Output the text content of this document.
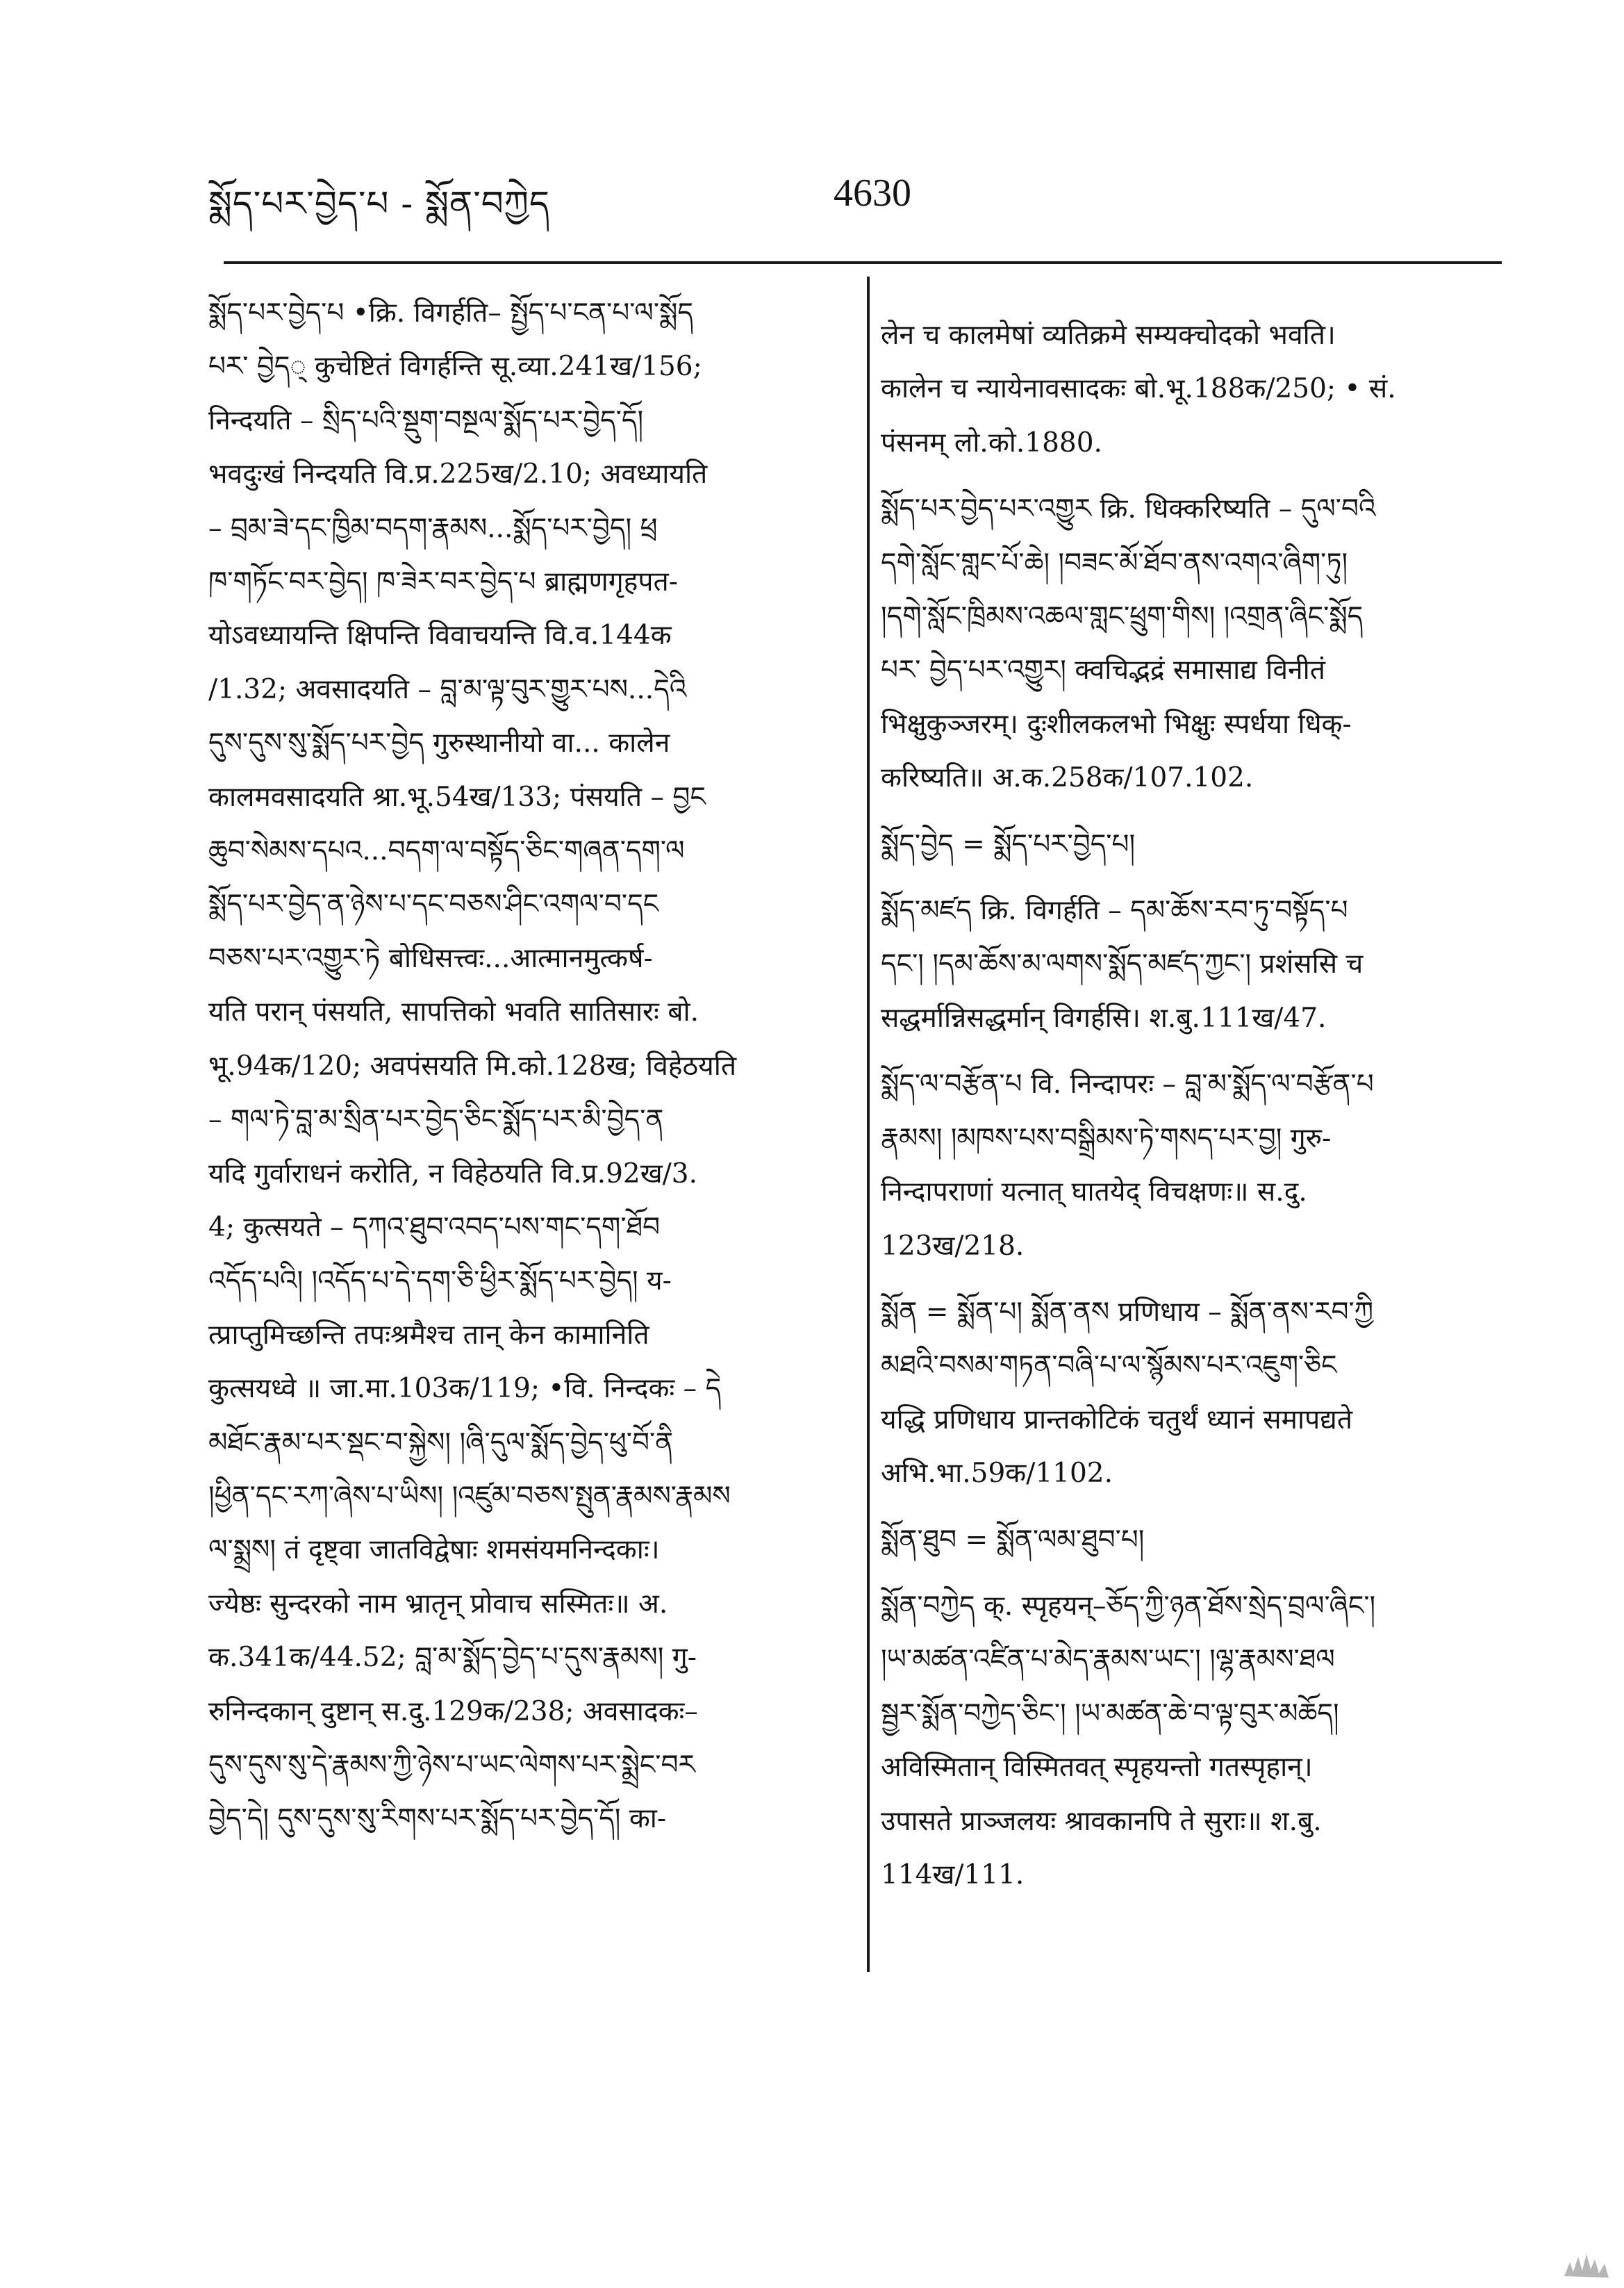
སྨོད་པར་བྱེད་པ - སྨོན་བཀྱེད	4630
སྨོད་པར་བྱེད་པ •क्रि. विगर्हति– སྤྱོད་པ་ངན་པ་ལ་སྨོད
པར་ བྱེད् कुचेष्टितं विगर्हन्ति सू.व्या.241ख/156;
निन्दयति – སྲིད་པའི་སྡུག་བསྔལ་སྨོད་པར་བྱེད་དོ།
भवदुःखं निन्दयति वि.प्र.225ख/2.10; अवध्यायति
– བྲམ་ཟེ་དང་ཁྱིམ་བདག་རྣམས...སྨོད་པར་བྱེད། ཕྲ
ཁ་གཏོང་བར་བྱེད། ཁ་ཟེར་བར་བྱེད་པ ब्राह्मणगृहपत-
योऽवध्यायन्ति क्षिपन्ति विवाचयन्ति वि.व.144क
/1.32; अवसादयति – བླ་མ་ལྟ་བུར་གྱུར་པས...དེའི
དུས་དུས་སུ་སྨོད་པར་བྱེད गुरुस्थानीयो वा... कालेन
कालमवसादयति श्रा.भू.54ख/133; पंसयति – བྱང
ཆུབ་སེམས་དཔའ...བདག་ལ་བསྟོད་ཅིང་གཞན་དག་ལ
སྨོད་པར་བྱེད་ན་ཉེས་པ་དང་བཅས་ཤིང་འགལ་བ་དང
བཅས་པར་འགྱུར་ཏེ बोधिसत्त्वः...आत्मानमुत्कर्ष-
यति परान् पंसयति, सापत्तिको भवति सातिसारः बो.
भू.94क/120; अवपंसयति मि.को.128ख; विहेठयति
– གལ་ཏེ་བླ་མ་སྲིན་པར་བྱེད་ཅིང་སྨོད་པར་མི་བྱེད་ན
यदि गुर्वाराधनं करोति, न विहेठयति वि.प्र.92ख/3.
4; कुत्सयते – དཀའ་ཐུབ་འབད་པས་གང་དག་ཐོབ
འདོད་པའི། །འདོད་པ་དེ་དག་ཅི་ཕྱིར་སྨོད་པར་བྱེད། य-
त्प्राप्तुमिच्छन्ति तपःश्रमैश्च तान् केन कामानिति
कुत्सयध्वे ॥ जा.मा.103क/119; •वि. निन्दकः – དེ
མཐོང་རྣམ་པར་སྡང་བ་སྐྱེས། །ཞི་དུལ་སྨོད་བྱེད་ཕུ་བོ་ནི
།ཕྱིན་དང་རཀ་ཞེས་པ་ཡིས། །འཛུམ་བཅས་སྤུན་རྣམས་རྣམས
ལ་སྨྲས། तं दृष्ट्वा जातविद्वेषाः शमसंयमनिन्दकाः।
ज्येष्ठः सुन्दरको नाम भ्रातृन् प्रोवाच सस्मितः॥ अ.
क.341क/44.52; བླ་མ་སྨོད་བྱེད་པ་དུས་རྣམས། गु-
रुनिन्दकान् दुष्टान् स.दु.129क/238; अवसादकः–
དུས་དུས་སུ་དེ་རྣམས་ཀྱི་ཉེས་པ་ཡང་ལེགས་པར་སྨྲེང་བར
བྱེད་དེ། དུས་དུས་སུ་རིགས་པར་སྨོད་པར་བྱེད་དོ། का-
लेन च कालमेषां व्यतिक्रमे सम्यक्चोदको भवति।
कालेन च न्यायेनावसादकः बो.भू.188क/250; • सं.
पंसनम् लो.को.1880.
སྨོད་པར་བྱེད་པར་འགྱུར क्रि. धिक्करिष्यति – དུལ་བའི
དགེ་སློང་གླང་པོ་ཆེ། །བཟང་མོ་ཐོབ་ནས་འགའ་ཞིག་ཏུ།
།དགེ་སློང་ཁྲིམས་འཆལ་གླང་ཕྲུག་གིས། །འགྲན་ཞིང་སྨོད
པར་ བྱེད་པར་འགྱུར། क्वचिद्भद्रं समासाद्य विनीतं
भिक्षुकुञ्जरम्। दुःशीलकलभो भिक्षुः स्पर्धया धिक्-
करिष्यति॥ अ.क.258क/107.102.
སྨོད་བྱེད = སྨོད་པར་བྱེད་པ།
སྨོད་མཛད क्रि. विगर्हति – དམ་ཆོས་རབ་ཏུ་བསྟོད་པ
དང་། །དམ་ཆོས་མ་ལགས་སྨོད་མཛད་ཀྱང་། प्रशंससि च
सद्धर्मान्निसद्धर्मान् विगर्हसि। श.बु.111ख/47.
སྨོད་ལ་བརྩོན་པ वि. निन्दापरः – བླ་མ་སྨོད་ལ་བརྩོན་པ
རྣམས། །མཁས་པས་བསྒྲིམས་ཏེ་གསད་པར་བྱ། गुरु-
निन्दापराणां यत्नात् घातयेद् विचक्षणः॥ स.दु.
123ख/218.
སྨོན = སྨོན་པ། སྨོན་ནས प्रणिधाय – སྨོན་ནས་རབ་ཀྱི
མཐའི་བསམ་གཏན་བཞི་པ་ལ་སྙོམས་པར་འཇུག་ཅིང
यद्धि प्रणिधाय प्रान्तकोटिकं चतुर्थं ध्यानं समापद्यते
अभि.भा.59क/1102.
སྨོན་ཐུབ = སྨོན་ལམ་ཐུབ་པ།
སྨོན་བཀྱེད क्. स्पृहयन्–ཅོད་ཀྱི་ཉན་ཐོས་སྲེད་བྲལ་ཞིང་།
།ཡ་མཚན་འཛིན་པ་མེད་རྣམས་ཡང་། །ལྷ་རྣམས་ཐལ
སྦྱར་སྨོན་བཀྱེད་ཅིང་། །ཡ་མཚན་ཆེ་བ་ལྟ་བུར་མཆོད།
अविस्मितान् विस्मितवत् स्पृहयन्तो गतस्पृहान्।
उपासते प्राञ्जलयः श्रावकानपि ते सुराः॥ श.बु.
114ख/111.
